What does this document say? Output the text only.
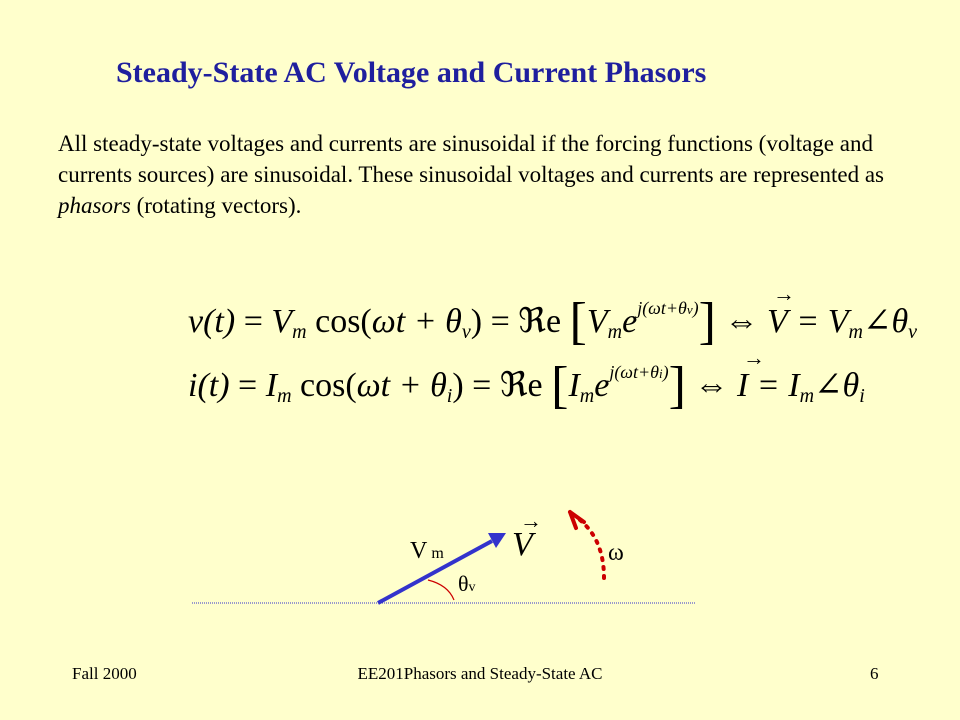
Steady-State AC Voltage and Current Phasors
All steady-state voltages and currents are sinusoidal if the forcing functions (voltage and currents sources) are sinusoidal. These sinusoidal voltages and currents are represented as phasors (rotating vectors).
$v(t) = V_m$ $\cos(\omega t + \theta_v)$ = ℜe $[V_me^{j(\omega t+\theta v)}]$ ⇔
→
$V = V_m\angle\theta_v$
$i(t) = I_m$ $\cos(\omega t + \theta_i)$ = ℜe $[I_me^{j(\omega t+\theta i)}]$ ⇔
→
$I = I_m\angle\theta_i$
Vm
→
V
θv
ω
Fall 2000	EE201Phasors and Steady-State AC	6
